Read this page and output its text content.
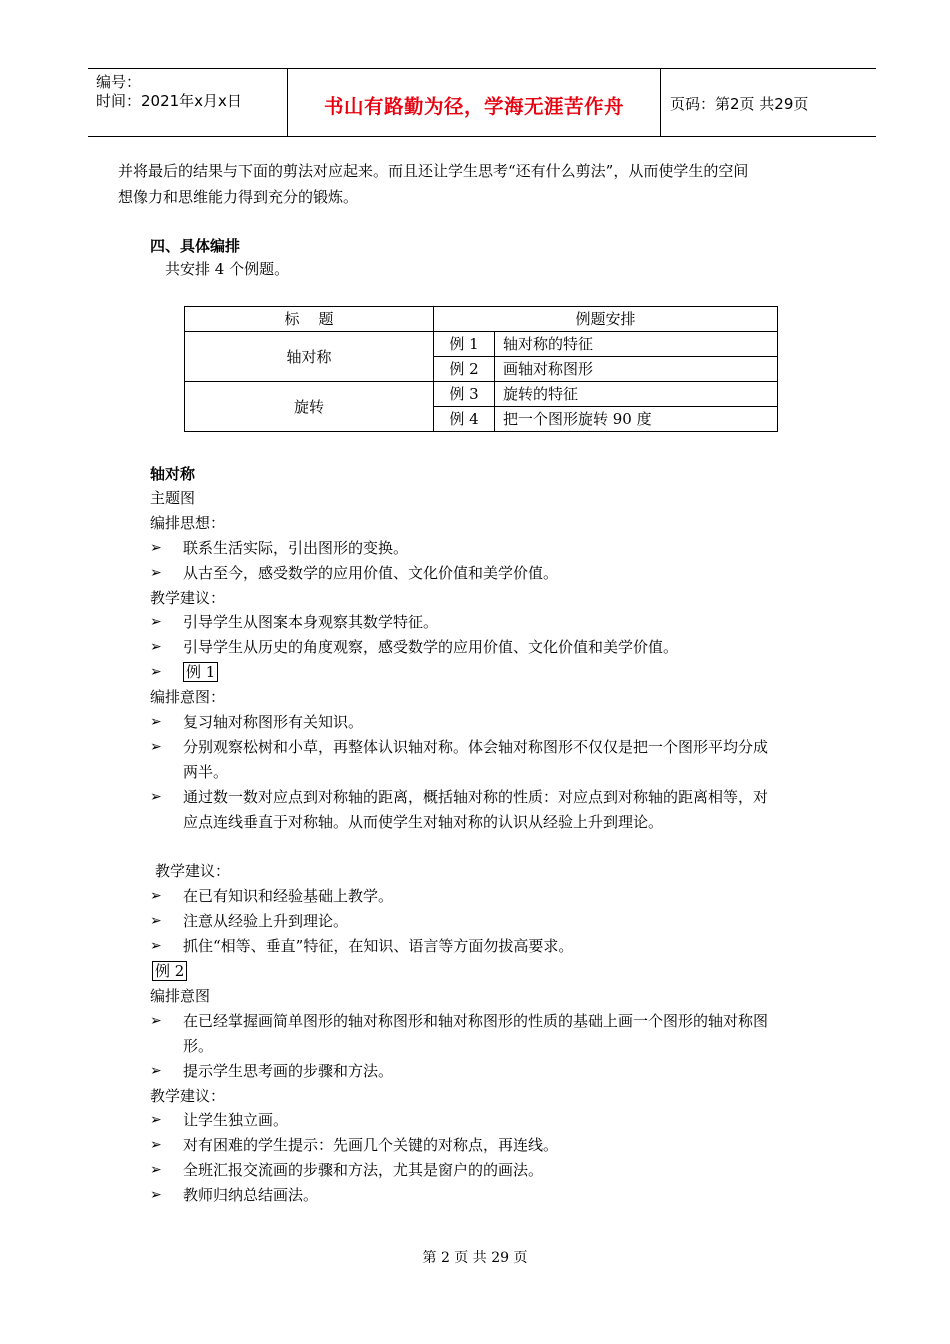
编号：
时间：2021年x月x日	书山有路勤为径，学海无涯苦作舟	页码：第2页 共29页
并将最后的结果与下面的剪法对应起来。而且还让学生思考“还有什么剪法”，从而使学生的空间
想像力和思维能力得到充分的锻炼。
四、具体编排
共安排 4 个例题。
标    题	例题安排	
轴对称	例 1	轴对称的特征
	例 2	画轴对称图形
旋转	例 3	旋转的特征
	例 4	把一个图形旋转 90 度
轴对称
主题图
编排思想：
➢ 联系生活实际，引出图形的变换。
➢ 从古至今，感受数学的应用价值、文化价值和美学价值。
教学建议：
➢ 引导学生从图案本身观察其数学特征。
➢ 引导学生从历史的角度观察，感受数学的应用价值、文化价值和美学价值。
➢ 例 1
编排意图：
➢ 复习轴对称图形有关知识。
➢ 分别观察松树和小草，再整体认识轴对称。体会轴对称图形不仅仅是把一个图形平均分成
两半。
➢ 通过数一数对应点到对称轴的距离，概括轴对称的性质：对应点到对称轴的距离相等，对
应点连线垂直于对称轴。从而使学生对轴对称的认识从经验上升到理论。
教学建议：
➢ 在已有知识和经验基础上教学。
➢ 注意从经验上升到理论。
➢ 抓住“相等、垂直”特征，在知识、语言等方面勿拔高要求。
例 2
编排意图
➢ 在已经掌握画简单图形的轴对称图形和轴对称图形的性质的基础上画一个图形的轴对称图
形。
➢ 提示学生思考画的步骤和方法。
教学建议：
➢ 让学生独立画。
➢ 对有困难的学生提示：先画几个关键的对称点，再连线。
➢ 全班汇报交流画的步骤和方法，尤其是窗户的的画法。
➢ 教师归纳总结画法。
第 2 页 共 29 页
